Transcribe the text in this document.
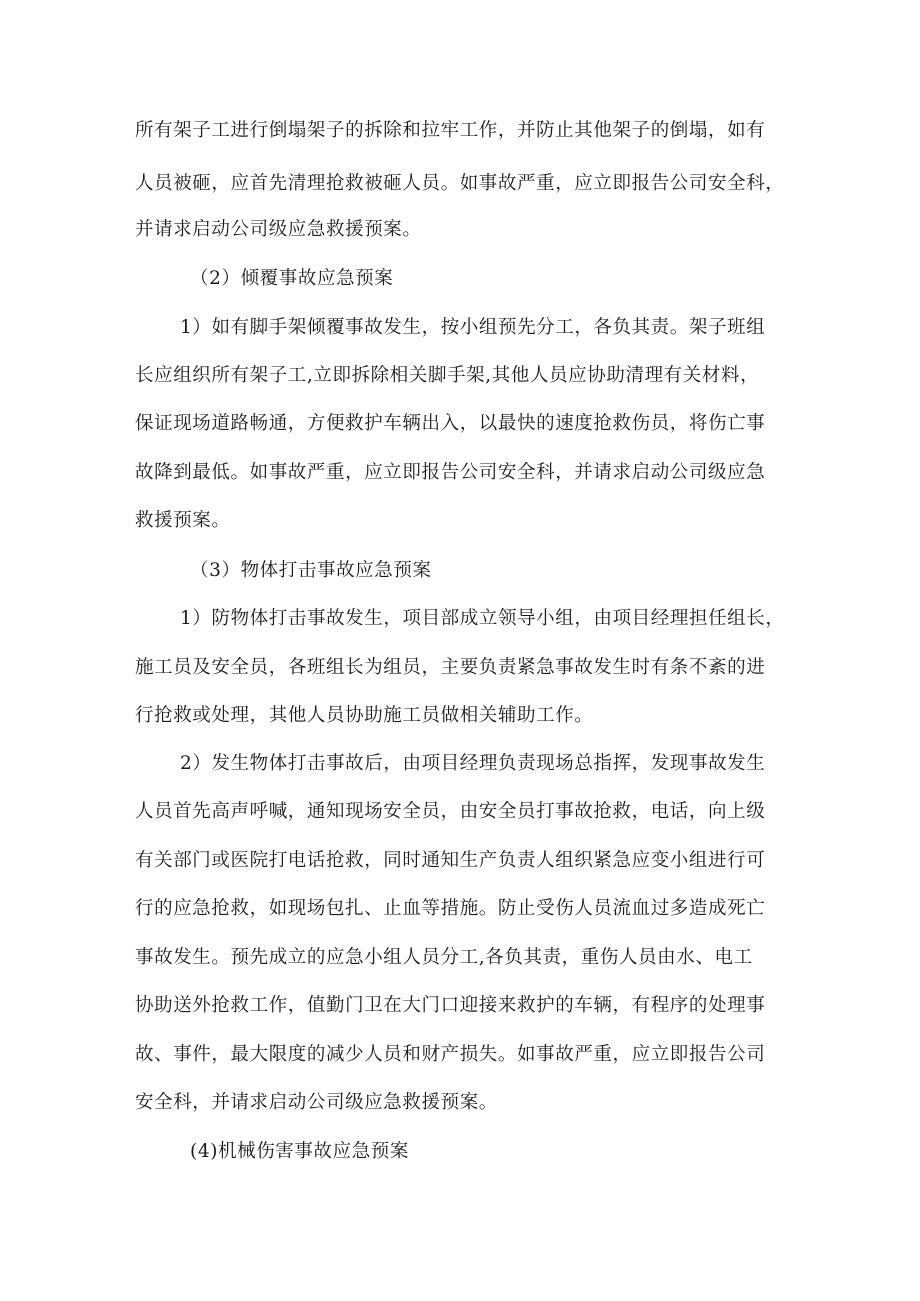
所有架子工进行倒塌架子的拆除和拉牢工作，并防止其他架子的倒塌，如有
人员被砸，应首先清理抢救被砸人员。如事故严重，应立即报告公司安全科，
并请求启动公司级应急救援预案。
（2）倾覆事故应急预案
1）如有脚手架倾覆事故发生，按小组预先分工，各负其责。架子班组
长应组织所有架子工,立即拆除相关脚手架,其他人员应协助清理有关材料，
保证现场道路畅通，方便救护车辆出入，以最快的速度抢救伤员，将伤亡事
故降到最低。如事故严重，应立即报告公司安全科，并请求启动公司级应急
救援预案。
（3）物体打击事故应急预案
1）防物体打击事故发生，项目部成立领导小组，由项目经理担任组长，
施工员及安全员，各班组长为组员，主要负责紧急事故发生时有条不紊的进
行抢救或处理，其他人员协助施工员做相关辅助工作。
2）发生物体打击事故后，由项目经理负责现场总指挥，发现事故发生
人员首先高声呼喊，通知现场安全员，由安全员打事故抢救，电话，向上级
有关部门或医院打电话抢救，同时通知生产负责人组织紧急应变小组进行可
行的应急抢救，如现场包扎、止血等措施。防止受伤人员流血过多造成死亡
事故发生。预先成立的应急小组人员分工,各负其责，重伤人员由水、电工
协助送外抢救工作，值勤门卫在大门口迎接来救护的车辆，有程序的处理事
故、事件，最大限度的减少人员和财产损失。如事故严重，应立即报告公司
安全科，并请求启动公司级应急救援预案。
(4)机械伤害事故应急预案
